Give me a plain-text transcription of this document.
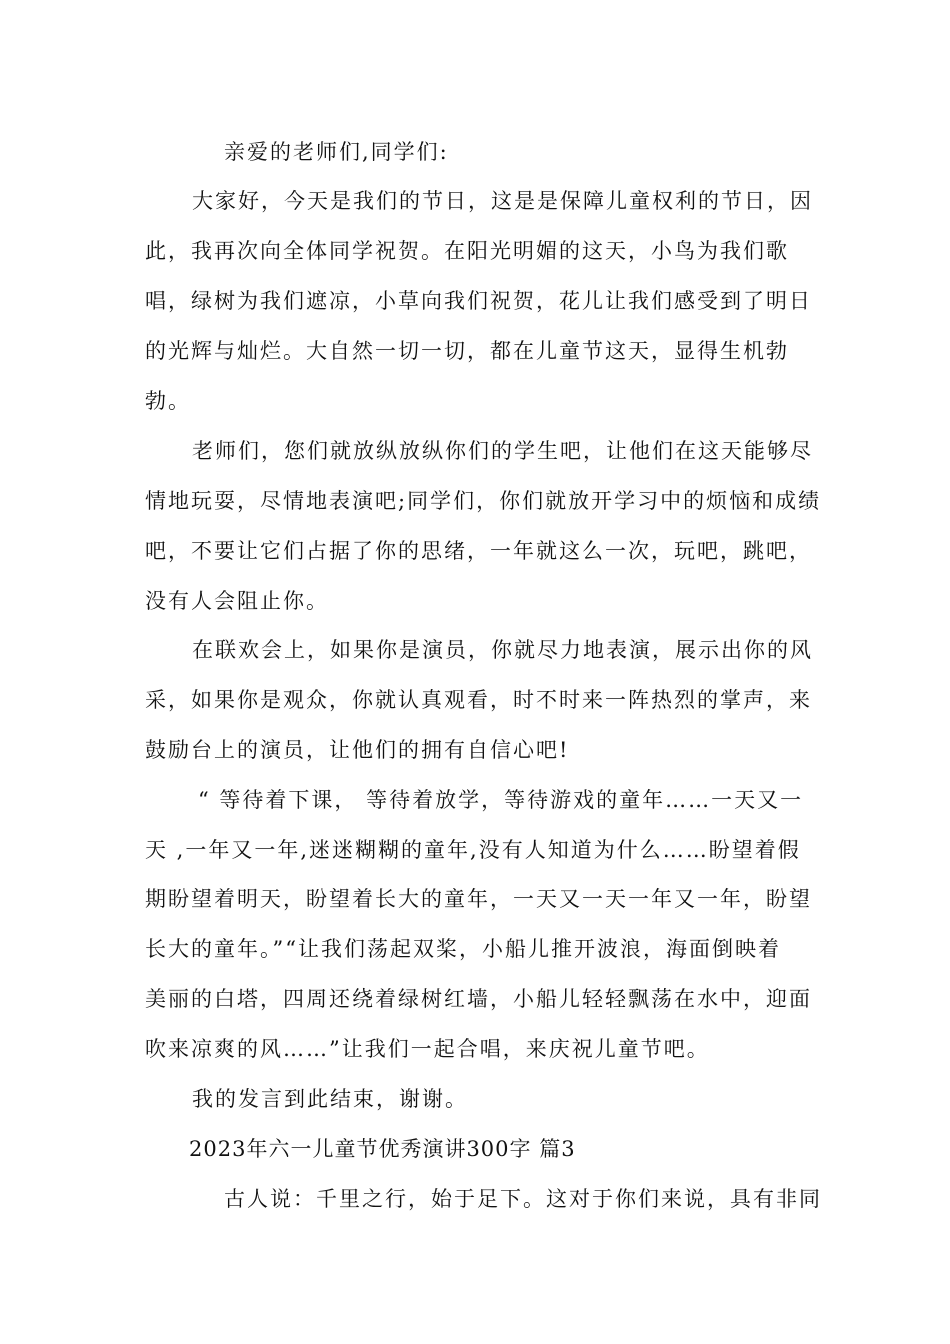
亲爱的老师们,同学们:
大家好，今天是我们的节日，这是是保障儿童权利的节日，因
此，我再次向全体同学祝贺。在阳光明媚的这天，小鸟为我们歌
唱，绿树为我们遮凉，小草向我们祝贺，花儿让我们感受到了明日
的光辉与灿烂。大自然一切一切，都在儿童节这天，显得生机勃
勃。
老师们，您们就放纵放纵你们的学生吧，让他们在这天能够尽
情地玩耍，尽情地表演吧;同学们，你们就放开学习中的烦恼和成绩
吧，不要让它们占据了你的思绪，一年就这么一次，玩吧，跳吧，
没有人会阻止你。
在联欢会上，如果你是演员，你就尽力地表演，展示出你的风
采，如果你是观众，你就认真观看，时不时来一阵热烈的掌声，来
鼓励台上的演员，让他们的拥有自信心吧!
“ 等待着下课， 等待着放学，等待游戏的童年……一天又一
天 ,一年又一年,迷迷糊糊的童年,没有人知道为什么……盼望着假
期盼望着明天，盼望着长大的童年，一天又一天一年又一年，盼望
长大的童年。”“让我们荡起双桨，小船儿推开波浪，海面倒映着
美丽的白塔，四周还绕着绿树红墙，小船儿轻轻飘荡在水中，迎面
吹来凉爽的风……”让我们一起合唱，来庆祝儿童节吧。
我的发言到此结束，谢谢。
2023年六一儿童节优秀演讲300字 篇3
古人说：千里之行，始于足下。这对于你们来说，具有非同
